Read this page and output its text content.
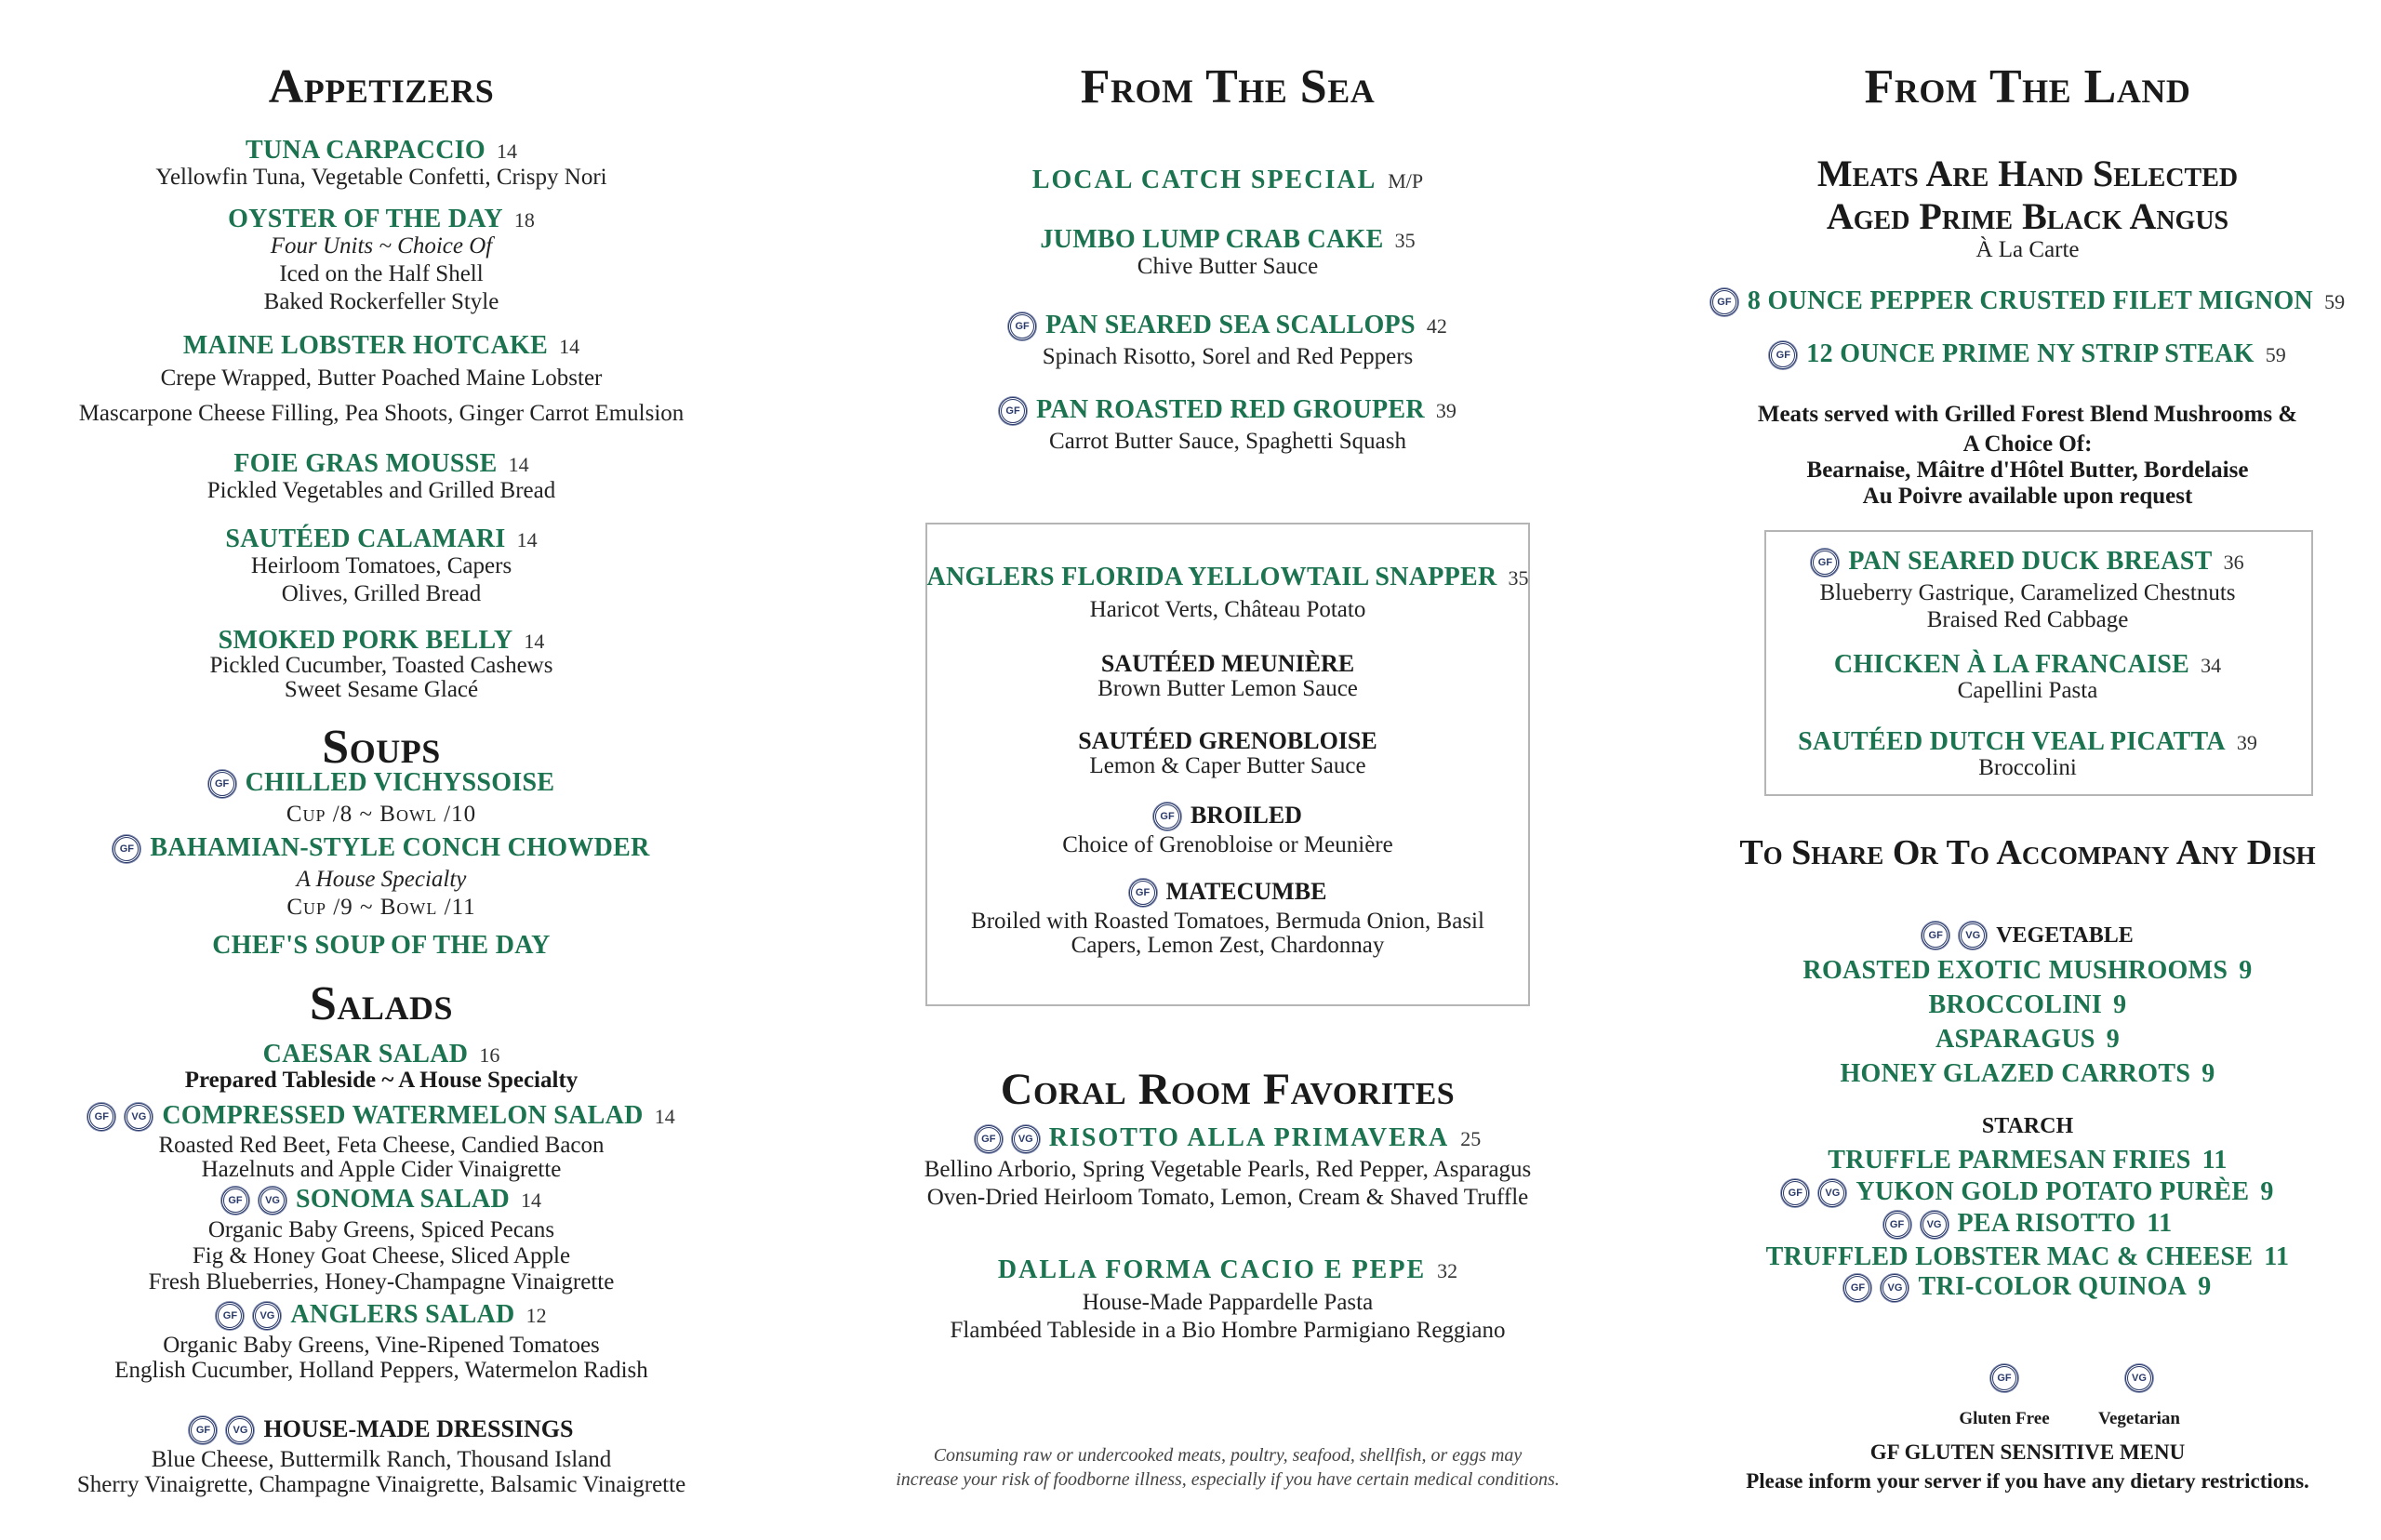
Appetizers
TUNA CARPACCIO 14
Yellowfin Tuna, Vegetable Confetti, Crispy Nori
OYSTER OF THE DAY 18
Four Units ~ Choice Of
Iced on the Half Shell
Baked Rockerfeller Style
MAINE LOBSTER HOTCAKE 14
Crepe Wrapped, Butter Poached Maine Lobster
Mascarpone Cheese Filling, Pea Shoots, Ginger Carrot Emulsion
FOIE GRAS MOUSSE 14
Pickled Vegetables and Grilled Bread
SAUTÉED CALAMARI 14
Heirloom Tomatoes, Capers
Olives, Grilled Bread
SMOKED PORK BELLY 14
Pickled Cucumber, Toasted Cashews
Sweet Sesame Glacé
Soups
GF CHILLED VICHYSSOISE
Cup /8 ~ Bowl /10
GF BAHAMIAN-STYLE CONCH CHOWDER
A House Specialty
Cup /9 ~ Bowl /11
CHEF'S SOUP OF THE DAY
Salads
CAESAR SALAD 16
Prepared Tableside ~ A House Specialty
GF VG COMPRESSED WATERMELON SALAD 14
Roasted Red Beet, Feta Cheese, Candied Bacon
Hazelnuts and Apple Cider Vinaigrette
GF VG SONOMA SALAD 14
Organic Baby Greens, Spiced Pecans
Fig & Honey Goat Cheese, Sliced Apple
Fresh Blueberries, Honey-Champagne Vinaigrette
GF VG ANGLERS SALAD 12
Organic Baby Greens, Vine-Ripened Tomatoes
English Cucumber, Holland Peppers, Watermelon Radish
GF VG HOUSE-MADE DRESSINGS
Blue Cheese, Buttermilk Ranch, Thousand Island
Sherry Vinaigrette, Champagne Vinaigrette, Balsamic Vinaigrette
From The Sea
LOCAL CATCH SPECIAL M/P
JUMBO LUMP CRAB CAKE 35
Chive Butter Sauce
GF PAN SEARED SEA SCALLOPS 42
Spinach Risotto, Sorel and Red Peppers
GF PAN ROASTED RED GROUPER 39
Carrot Butter Sauce, Spaghetti Squash
ANGLERS FLORIDA YELLOWTAIL SNAPPER 35
Haricot Verts, Château Potato
SAUTÉED MEUNIÈRE
Brown Butter Lemon Sauce
SAUTÉED GRENOBLOISE
Lemon & Caper Butter Sauce
GF BROILED
Choice of Grenobloise or Meunière
GF MATECUMBE
Broiled with Roasted Tomatoes, Bermuda Onion, Basil
Capers, Lemon Zest, Chardonnay
Coral Room Favorites
GF VG RISOTTO ALLA PRIMAVERA 25
Bellino Arborio, Spring Vegetable Pearls, Red Pepper, Asparagus
Oven-Dried Heirloom Tomato, Lemon, Cream & Shaved Truffle
DALLA FORMA CACIO E PEPE 32
House-Made Pappardelle Pasta
Flambéed Tableside in a Bio Hombre Parmigiano Reggiano
Consuming raw or undercooked meats, poultry, seafood, shellfish, or eggs may
increase your risk of foodborne illness, especially if you have certain medical conditions.
From The Land
Meats Are Hand Selected
Aged Prime Black Angus
À La Carte
GF 8 OUNCE PEPPER CRUSTED FILET MIGNON 59
GF 12 OUNCE PRIME NY STRIP STEAK 59
Meats served with Grilled Forest Blend Mushrooms &
A Choice Of:
Bearnaise, Mâitre d'Hôtel Butter, Bordelaise
Au Poivre available upon request
GF PAN SEARED DUCK BREAST 36
Blueberry Gastrique, Caramelized Chestnuts
Braised Red Cabbage
CHICKEN À LA FRANCAISE 34
Capellini Pasta
SAUTÉED DUTCH VEAL PICATTA 39
Broccolini
To Share Or To Accompany Any Dish
GF VG VEGETABLE
ROASTED EXOTIC MUSHROOMS 9
BROCCOLINI 9
ASPARAGUS 9
HONEY GLAZED CARROTS 9
STARCH
TRUFFLE PARMESAN FRIES 11
GF VG YUKON GOLD POTATO PURÈE 9
GF VG PEA RISOTTO 11
TRUFFLED LOBSTER MAC & CHEESE 11
GF VG TRI-COLOR QUINOA 9
GF
Gluten Free
VG
Vegetarian
GF GLUTEN SENSITIVE MENU
Please inform your server if you have any dietary restrictions.
